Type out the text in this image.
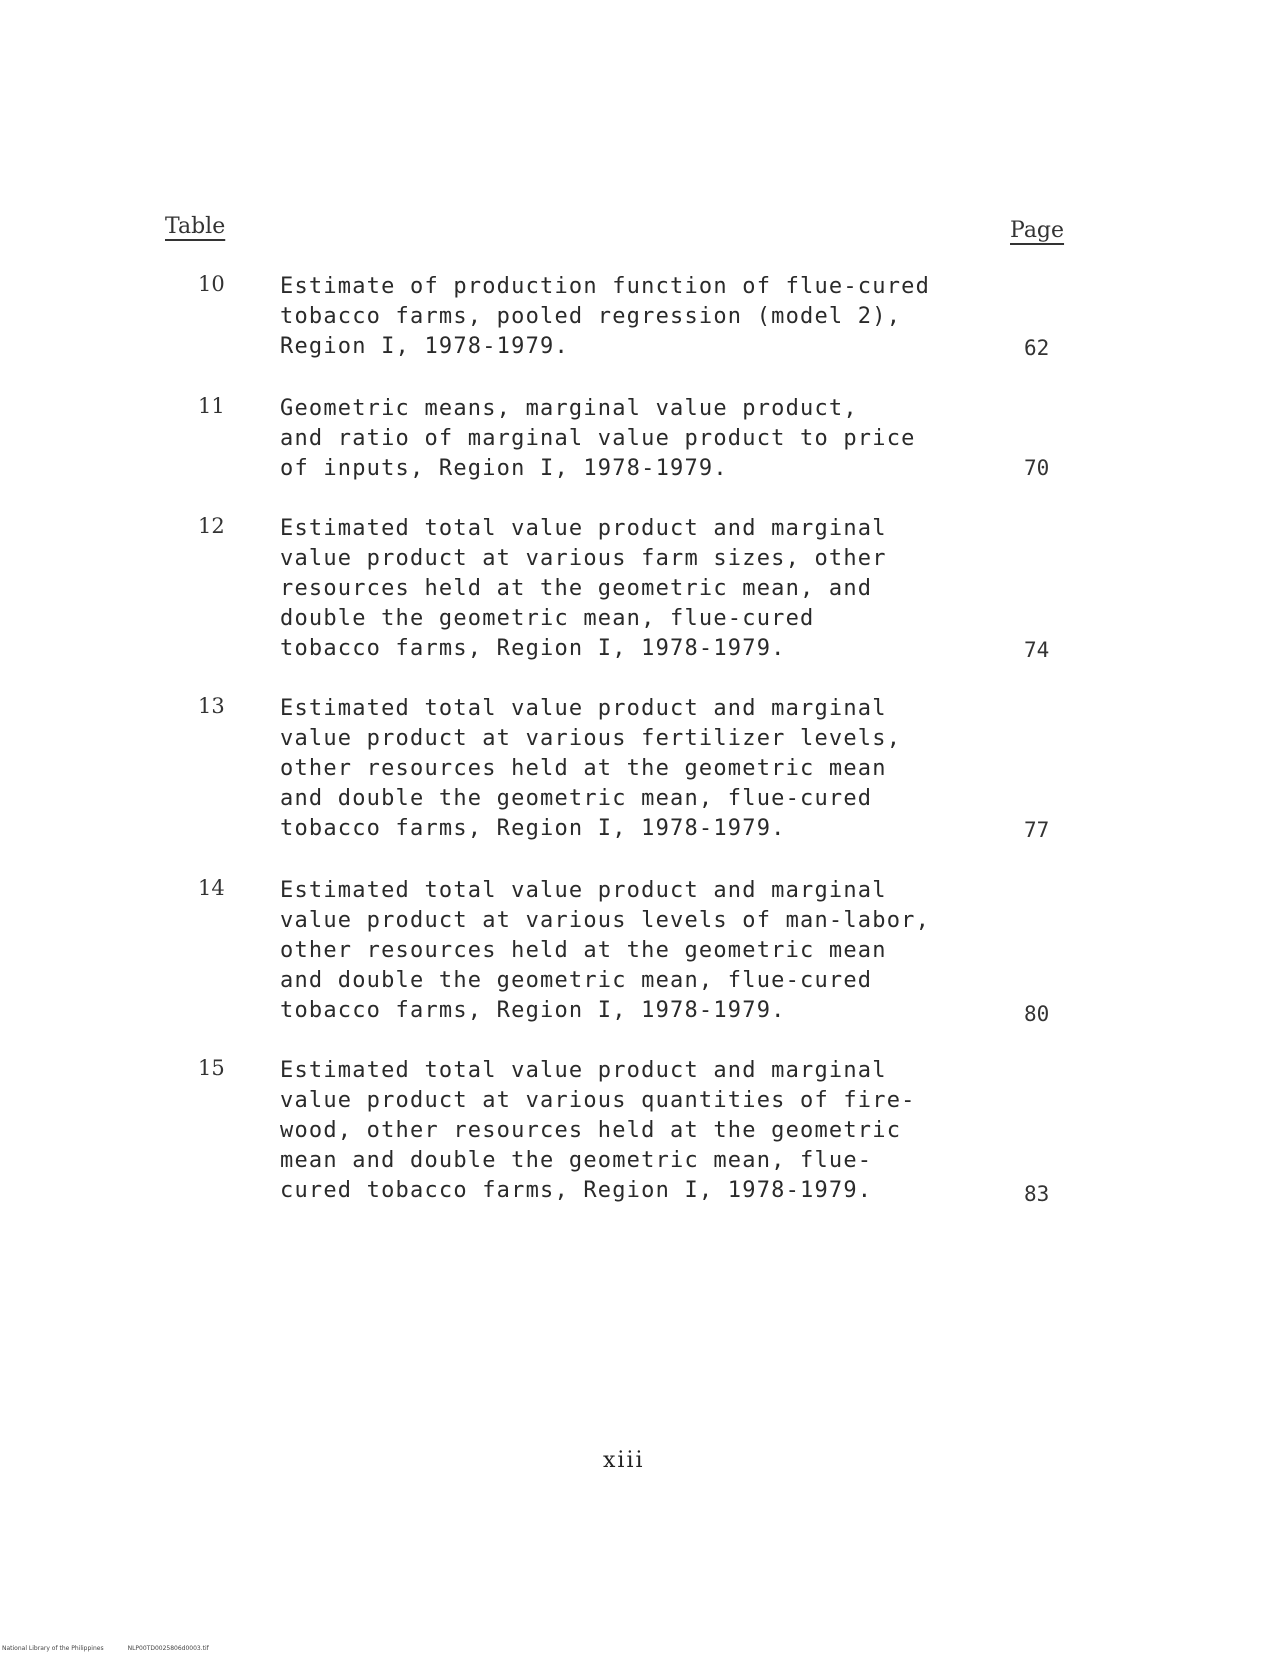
Table	Page
10	Estimate of production function of flue-cured
tobacco farms, pooled regression (model 2),
Region I, 1978-1979.	62
11	Geometric means, marginal value product,
and ratio of marginal value product to price
of inputs, Region I, 1978-1979.	70
12	Estimated total value product and marginal
value product at various farm sizes, other
resources held at the geometric mean, and
double the geometric mean, flue-cured
tobacco farms, Region I, 1978-1979.	74
13	Estimated total value product and marginal
value product at various fertilizer levels,
other resources held at the geometric mean
and double the geometric mean, flue-cured
tobacco farms, Region I, 1978-1979.	77
14	Estimated total value product and marginal
value product at various levels of man-labor,
other resources held at the geometric mean
and double the geometric mean, flue-cured
tobacco farms, Region I, 1978-1979.	80
15	Estimated total value product and marginal
value product at various quantities of fire-
wood, other resources held at the geometric
mean and double the geometric mean, flue-
cured tobacco farms, Region I, 1978-1979.	83
xiii
National Library of the Philippines	NLP00TD0025806d0003.tif
